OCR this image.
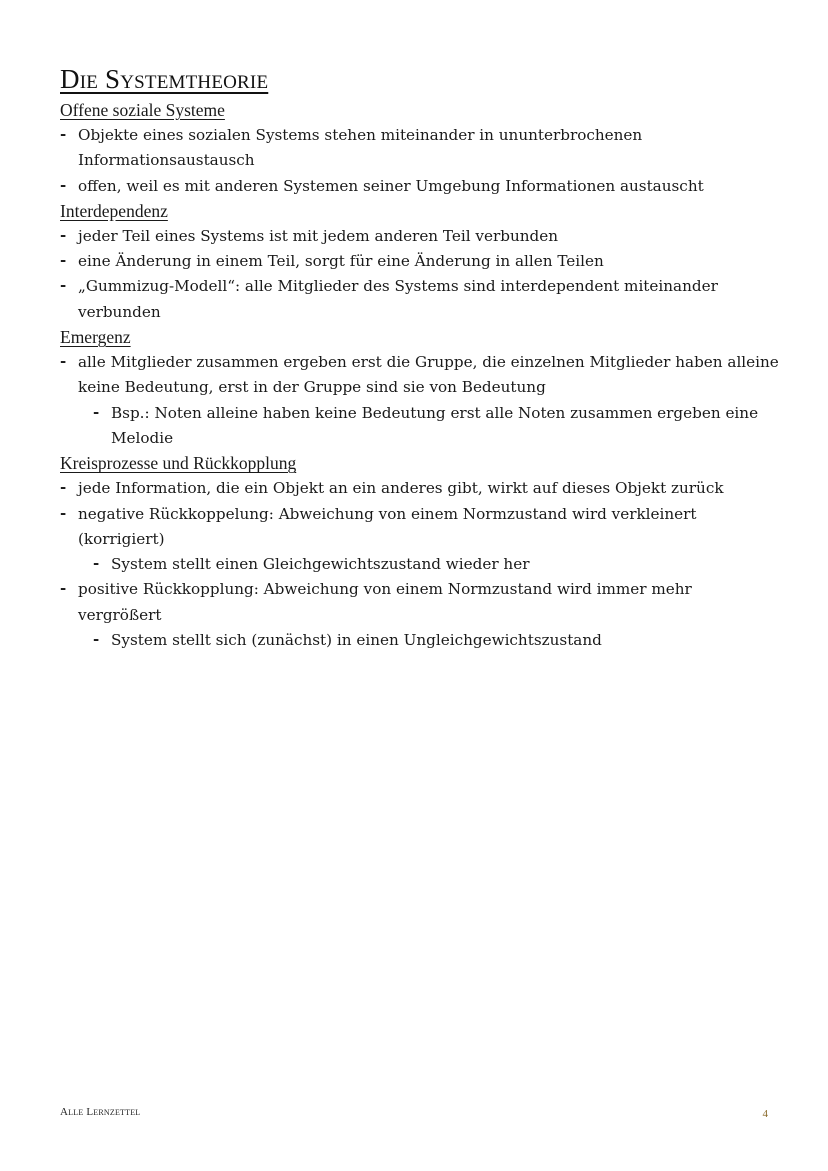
Die Systemtheorie
Offene soziale Systeme
- Objekte eines sozialen Systems stehen miteinander in ununterbrochenen Informationsaustausch
- offen, weil es mit anderen Systemen seiner Umgebung Informationen austauscht
Interdependenz
- jeder Teil eines Systems ist mit jedem anderen Teil verbunden
- eine Änderung in einem Teil, sorgt für eine Änderung in allen Teilen
- „Gummizug-Modell“: alle Mitglieder des Systems sind interdependent miteinander verbunden
Emergenz
- alle Mitglieder zusammen ergeben erst die Gruppe, die einzelnen Mitglieder haben alleine keine Bedeutung, erst in der Gruppe sind sie von Bedeutung
- Bsp.: Noten alleine haben keine Bedeutung erst alle Noten zusammen ergeben eine Melodie
Kreisprozesse und Rückkopplung
- jede Information, die ein Objekt an ein anderes gibt, wirkt auf dieses Objekt zurück
- negative Rückkoppelung: Abweichung von einem Normzustand wird verkleinert (korrigiert)
- System stellt einen Gleichgewichtszustand wieder her
- positive Rückkopplung: Abweichung von einem Normzustand wird immer mehr vergrößert
- System stellt sich (zunächst) in einen Ungleichgewichtszustand
Alle Lernzettel	4
